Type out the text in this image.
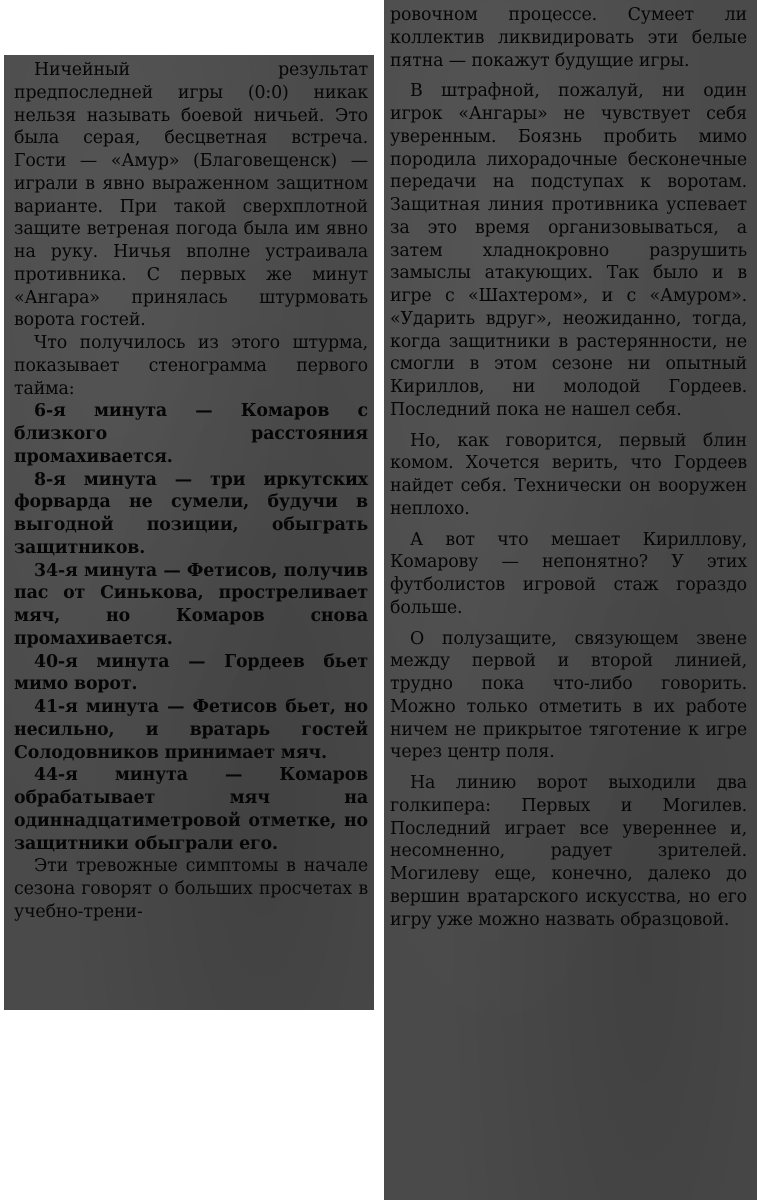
Ничейный результат предпоследней игры (0:0) никак нельзя называть боевой ничьей. Это была серая, бесцветная встреча. Гости — «Амур» (Благовещенск) — играли в явно выраженном защитном варианте. При такой сверхплотной защите ветреная погода была им явно на руку. Ничья вполне устраивала противника. С первых же минут «Ангара» принялась штурмовать ворота гостей.

Что получилось из этого штурма, показывает стенограмма первого тайма:

6-я минута — Комаров с близкого расстояния промахивается.

8-я минута — три иркутских форварда не сумели, будучи в выгодной позиции, обыграть защитников.

34-я минута — Фетисов, получив пас от Синькова, простреливает мяч, но Комаров снова промахивается.

40-я минута — Гордеев бьет мимо ворот.

41-я минута — Фетисов бьет, но несильно, и вратарь гостей Солодовников принимает мяч.

44-я минута — Комаров обрабатывает мяч на одиннадцатиметровой отметке, но защитники обыграли его.

Эти тревожные симптомы в начале сезона говорят о больших просчетах в учебно-трени-

ровочном процессе. Сумеет ли коллектив ликвидировать эти белые пятна — покажут будущие игры.

В штрафной, пожалуй, ни один игрок «Ангары» не чувствует себя уверенным. Боязнь пробить мимо породила лихорадочные бесконечные передачи на подступах к воротам. Защитная линия противника успевает за это время организовываться, а затем хладнокровно разрушить замыслы атакующих. Так было и в игре с «Шахтером», и с «Амуром». «Ударить вдруг», неожиданно, тогда, когда защитники в растерянности, не смогли в этом сезоне ни опытный Кириллов, ни молодой Гордеев. Последний пока не нашел себя.

Но, как говорится, первый блин комом. Хочется верить, что Гордеев найдет себя. Технически он вооружен неплохо.

А вот что мешает Кириллову, Комарову — непонятно? У этих футболистов игровой стаж гораздо больше.

О полузащите, связующем звене между первой и второй линией, трудно пока что-либо говорить. Можно только отметить в их работе ничем не прикрытое тяготение к игре через центр поля.

На линию ворот выходили два голкипера: Первых и Могилев. Последний играет все увереннее и, несомненно, радует зрителей. Могилеву еще, конечно, далеко до вершин вратарского искусства, но его игру уже можно назвать образцовой.
